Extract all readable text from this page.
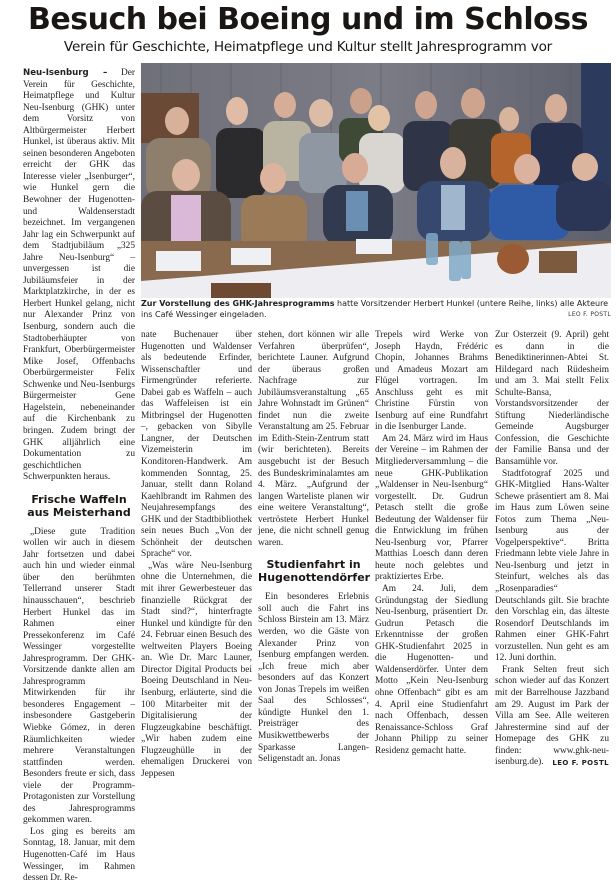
Besuch bei Boeing und im Schloss
Verein für Geschichte, Heimatpflege und Kultur stellt Jahresprogramm vor

Neu-Isenburg – Der Verein für Geschichte, Heimatpflege und Kultur Neu-Isenburg (GHK) unter dem Vorsitz von Altbürgermeister Herbert Hunkel, ist überaus aktiv. Mit seinen besonderen Angeboten erreicht der GHK das Interesse vieler „Isenburger“, wie Hunkel gern die Bewohner der Hugenotten- und Waldenserstadt bezeichnet. Im vergangenen Jahr lag ein Schwerpunkt auf dem Stadtjubiläum „325 Jahre Neu-Isenburg“ – unvergessen ist die Jubiläumsfeier in der Marktplatzkirche, in der es Herbert Hunkel gelang, nicht nur Alexander Prinz von Isenburg, sondern auch die Stadtoberhäupter von Frankfurt, Oberbürgermeister Mike Josef, Offenbachs Oberbürgermeister Felix Schwenke und Neu-Isenburgs Bürgermeister Gene Hagelstein, nebeneinander auf die Kirchenbank zu bringen. Zudem bringt der GHK alljährlich eine Dokumentation zu geschichtlichen Schwerpunkten heraus.

Frische Waffeln aus Meisterhand

„Diese gute Tradition wollen wir auch in diesem Jahr fortsetzen und dabei auch hin und wieder einmal über den berühmten Tellerrand unserer Stadt hinausschauen“, beschrieb Herbert Hunkel das im Rahmen einer Pressekonferenz im Café Wessinger vorgestellte Jahresprogramm. Der GHK-Vorsitzende dankte allen am Jahresprogramm Mitwirkenden für ihr besonderes Engagement – insbesondere Gastgeberin Wiebke Gómez, in deren Räumlichkeiten wieder mehrere Veranstaltungen stattfinden werden. Besonders freute er sich, dass viele der Programm-Protagonisten zur Vorstellung des Jahresprogramms gekommen waren.

Los ging es bereits am Sonntag, 18. Januar, mit dem Hugenotten-Café im Haus Wessinger, im Rahmen dessen Dr. Re-

Zur Vorstellung des GHK-Jahresprogramms hatte Vorsitzender Herbert Hunkel (untere Reihe, links) alle Akteure ins Café Wessinger eingeladen.	LEO F. POSTL

nate Buchenauer über Hugenotten und Waldenser als bedeutende Erfinder, Wissenschaftler und Firmengründer referierte. Dabei gab es Waffeln – auch das Waffeleisen ist ein Mitbringsel der Hugenotten –, gebacken von Sibylle Langner, der Deutschen Vizemeisterin im Konditoren-Handwerk. Am kommenden Sonntag, 25. Januar, stellt dann Roland Kaehlbrandt im Rahmen des Neujahresempfangs des GHK und der Stadtbibliothek sein neues Buch „Von der Schönheit der deutschen Sprache“ vor.

„Was wäre Neu-Isenburg ohne die Unternehmen, die mit ihrer Gewerbesteuer das finanzielle Rückgrat der Stadt sind?“, hinterfragte Hunkel und kündigte für den 24. Februar einen Besuch des weltweiten Players Boeing an. Wie Dr. Marc Launer, Director Digital Products bei Boeing Deutschland in Neu-Isenburg, erläuterte, sind die 100 Mitarbeiter mit der Digitalisierung der Flugzeugkabine beschäftigt. „Wir haben zudem eine Flugzeughülle in der ehemaligen Druckerei von Jeppesen

stehen, dort können wir alle Verfahren überprüfen“, berichtete Launer. Aufgrund der überaus großen Nachfrage zur Jubiläumsveranstaltung „65 Jahre Wohnstadt im Grünen“ findet nun die zweite Veranstaltung am 25. Februar im Edith-Stein-Zentrum statt (wir berichteten). Bereits ausgebucht ist der Besuch des Bundeskriminalamtes am 4. März. „Aufgrund der langen Warteliste planen wir eine weitere Veranstaltung“, vertröstete Herbert Hunkel jene, die nicht schnell genug waren.

Studienfahrt in Hugenottendörfer

Ein besonderes Erlebnis soll auch die Fahrt ins Schloss Birstein am 13. März werden, wo die Gäste von Alexander Prinz von Isenburg empfangen werden. „Ich freue mich aber besonders auf das Konzert von Jonas Trepels im weißen Saal des Schlosses“, kündigte Hunkel den 1. Preisträger des Musikwettbewerbs der Sparkasse Langen-Seligenstadt an. Jonas

Trepels wird Werke von Joseph Haydn, Frédéric Chopin, Johannes Brahms und Amadeus Mozart am Flügel vortragen. Im Anschluss geht es mit Christine Fürstin von Isenburg auf eine Rundfahrt in die Isenburger Lande.

Am 24. März wird im Haus der Vereine – im Rahmen der Mitgliederversammlung – die neue GHK-Publikation „Waldenser in Neu-Isenburg“ vorgestellt. Dr. Gudrun Petasch stellt die große Bedeutung der Waldenser für die Entwicklung im frühen Neu-Isenburg vor, Pfarrer Matthias Loesch dann deren heute noch gelebtes und praktiziertes Erbe.

Am 24. Juli, dem Gründungstag der Siedlung Neu-Isenburg, präsentiert Dr. Gudrun Petasch die Erkenntnisse der großen GHK-Studienfahrt 2025 in die Hugenotten- und Waldenserdörfer. Unter dem Motto „Kein Neu-Isenburg ohne Offenbach“ gibt es am 4. April eine Studienfahrt nach Offenbach, dessen Renaissance-Schloss Graf Johann Philipp zu seiner Residenz gemacht hatte.

Zur Osterzeit (9. April) geht es dann in die Benediktinerinnen-Abtei St. Hildegard nach Rüdesheim und am 3. Mai stellt Felix Schulte-Bansa, Vorstandsvorsitzender der Stiftung Niederländische Gemeinde Augsburger Confession, die Geschichte der Familie Bansa und der Bansamühle vor.

Stadtfotograf 2025 und GHK-Mitglied Hans-Walter Schewe präsentiert am 8. Mai im Haus zum Löwen seine Fotos zum Thema „Neu-Isenburg aus der Vogelperspektive“. Britta Friedmann lebte viele Jahre in Neu-Isenburg und jetzt in Steinfurt, welches als das „Rosenparadies“ Deutschlands gilt. Sie brachte den Vorschlag ein, das älteste Rosendorf Deutschlands im Rahmen einer GHK-Fahrt vorzustellen. Nun geht es am 12. Juni dorthin.

Frank Selten freut sich schon wieder auf das Konzert mit der Barrelhouse Jazzband am 29. August im Park der Villa am See. Alle weiteren Jahrestermine sind auf der Homepage des GHK zu finden: www.ghk-neu-isenburg.de).	LEO F. POSTL
